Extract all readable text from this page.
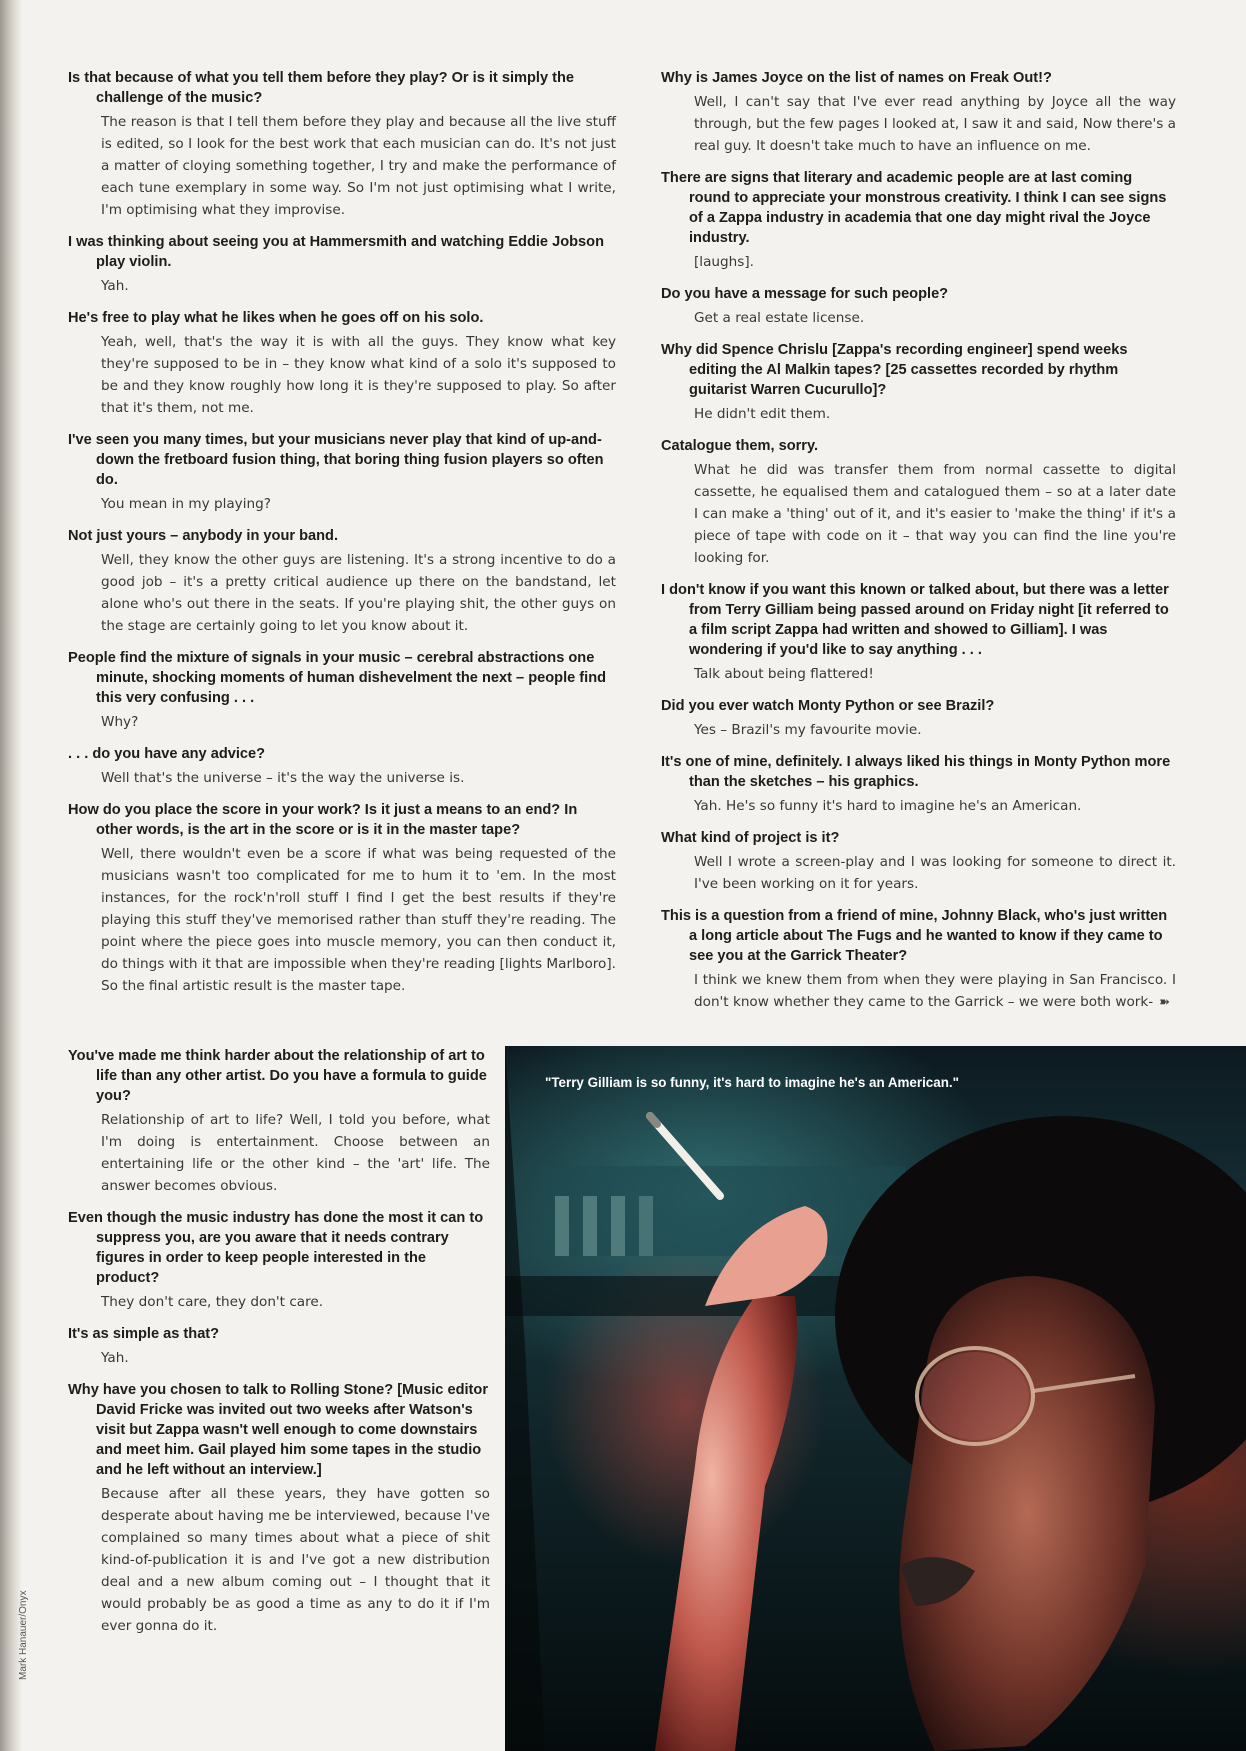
Is that because of what you tell them before they play? Or is it simply the challenge of the music?

The reason is that I tell them before they play and because all the live stuff is edited, so I look for the best work that each musician can do. It's not just a matter of cloying something together, I try and make the performance of each tune exemplary in some way. So I'm not just optimising what I write, I'm optimising what they improvise.

I was thinking about seeing you at Hammersmith and watching Eddie Jobson play violin.

Yah.

He's free to play what he likes when he goes off on his solo.

Yeah, well, that's the way it is with all the guys. They know what key they're supposed to be in – they know what kind of a solo it's supposed to be and they know roughly how long it is they're supposed to play. So after that it's them, not me.

I've seen you many times, but your musicians never play that kind of up-and-down the fretboard fusion thing, that boring thing fusion players so often do.

You mean in my playing?

Not just yours – anybody in your band.

Well, they know the other guys are listening. It's a strong incentive to do a good job – it's a pretty critical audience up there on the bandstand, let alone who's out there in the seats. If you're playing shit, the other guys on the stage are certainly going to let you know about it.

People find the mixture of signals in your music – cerebral abstractions one minute, shocking moments of human dishevelment the next – people find this very confusing . . .

Why?

. . . do you have any advice?

Well that's the universe – it's the way the universe is.

How do you place the score in your work? Is it just a means to an end? In other words, is the art in the score or is it in the master tape?

Well, there wouldn't even be a score if what was being requested of the musicians wasn't too complicated for me to hum it to 'em. In the most instances, for the rock'n'roll stuff I find I get the best results if they're playing this stuff they've memorised rather than stuff they're reading. The point where the piece goes into muscle memory, you can then conduct it, do things with it that are impossible when they're reading [lights Marlboro]. So the final artistic result is the master tape.

Why is James Joyce on the list of names on Freak Out!?

Well, I can't say that I've ever read anything by Joyce all the way through, but the few pages I looked at, I saw it and said, Now there's a real guy. It doesn't take much to have an influence on me.

There are signs that literary and academic people are at last coming round to appreciate your monstrous creativity. I think I can see signs of a Zappa industry in academia that one day might rival the Joyce industry.

[laughs].

Do you have a message for such people?

Get a real estate license.

Why did Spence Chrislu [Zappa's recording engineer] spend weeks editing the Al Malkin tapes? [25 cassettes recorded by rhythm guitarist Warren Cucurullo]?

He didn't edit them.

Catalogue them, sorry.

What he did was transfer them from normal cassette to digital cassette, he equalised them and catalogued them – so at a later date I can make a 'thing' out of it, and it's easier to 'make the thing' if it's a piece of tape with code on it – that way you can find the line you're looking for.

I don't know if you want this known or talked about, but there was a letter from Terry Gilliam being passed around on Friday night [it referred to a film script Zappa had written and showed to Gilliam]. I was wondering if you'd like to say anything . . .

Talk about being flattered!

Did you ever watch Monty Python or see Brazil?

Yes – Brazil's my favourite movie.

It's one of mine, definitely. I always liked his things in Monty Python more than the sketches – his graphics.

Yah. He's so funny it's hard to imagine he's an American.

What kind of project is it?

Well I wrote a screen-play and I was looking for someone to direct it. I've been working on it for years.

This is a question from a friend of mine, Johnny Black, who's just written a long article about The Fugs and he wanted to know if they came to see you at the Garrick Theater?

I think we knew them from when they were playing in San Francisco. I don't know whether they came to the Garrick – we were both work- ➽

You've made me think harder about the relationship of art to life than any other artist. Do you have a formula to guide you?

Relationship of art to life? Well, I told you before, what I'm doing is entertainment. Choose between an entertaining life or the other kind – the 'art' life. The answer becomes obvious.

Even though the music industry has done the most it can to suppress you, are you aware that it needs contrary figures in order to keep people interested in the product?

They don't care, they don't care.

It's as simple as that?

Yah.

Why have you chosen to talk to Rolling Stone? [Music editor David Fricke was invited out two weeks after Watson's visit but Zappa wasn't well enough to come downstairs and meet him. Gail played him some tapes in the studio and he left without an interview.]

Because after all these years, they have gotten so desperate about having me be interviewed, because I've complained so many times about what a piece of shit kind-of-publication it is and I've got a new distribution deal and a new album coming out – I thought that it would probably be as good a time as any to do it if I'm ever gonna do it.

"Terry Gilliam is so funny, it's hard to imagine he's an American."
Mark Hanauer/Onyx
